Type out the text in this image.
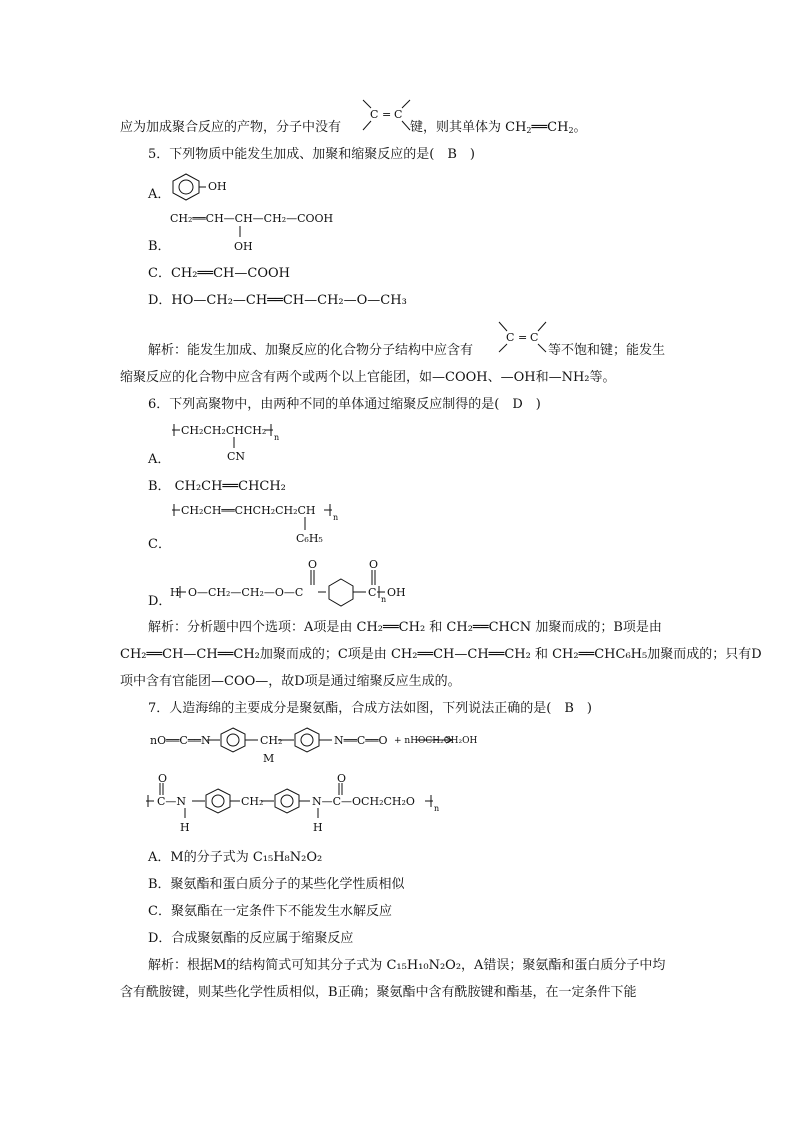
应为加成聚合反应的产物，分子中没有
C = C
键，则其单体为 $CH_2══CH_2$。
5．下列物质中能发生加成、加聚和缩聚反应的是(　B　)
A．
OH
CH₂══CH—CH—CH₂—COOH
B．	OH
C．CH₂══CH—COOH
D．HO—CH₂—CH══CH—CH₂—O—CH₃
解析：能发生加成、加聚反应的化合物分子结构中应含有
C = C
等不饱和键；能发生
缩聚反应的化合物中应含有两个或两个以上官能团，如—COOH、—OH和—NH₂等。
6．下列高聚物中，由两种不同的单体通过缩聚反应制得的是(　D　)
CH₂CH₂CHCH₂
n
A．	CN
B． CH₂CH══CHCH₂
CH₂CH══CHCH₂CH₂CH
n
C₆H₅
C．
D．
H O—CH₂—CH₂—O—C
O	O
C
n
OH
解析：分析题中四个选项：A项是由 CH₂══CH₂ 和 CH₂══CHCN 加聚而成的；B项是由
CH₂══CH—CH══CH₂加聚而成的；C项是由 CH₂══CH—CH══CH₂ 和 CH₂══CHC₆H₅加聚而成的；只有D
项中含有官能团—COO—，故D项是通过缩聚反应生成的。
7．人造海绵的主要成分是聚氨酯，合成方法如图，下列说法正确的是(　B　)
nO══C══N	CH₂
M
N══C══O + nHOCH₂CH₂OH
O
C—N	CH₂
O
N—C—OCH₂CH₂O
n
H	H
A．M的分子式为 C₁₅H₈N₂O₂
B．聚氨酯和蛋白质分子的某些化学性质相似
C．聚氨酯在一定条件下不能发生水解反应
D．合成聚氨酯的反应属于缩聚反应
解析：根据M的结构简式可知其分子式为 C₁₅H₁₀N₂O₂，A错误；聚氨酯和蛋白质分子中均
含有酰胺键，则某些化学性质相似，B正确；聚氨酯中含有酰胺键和酯基，在一定条件下能
